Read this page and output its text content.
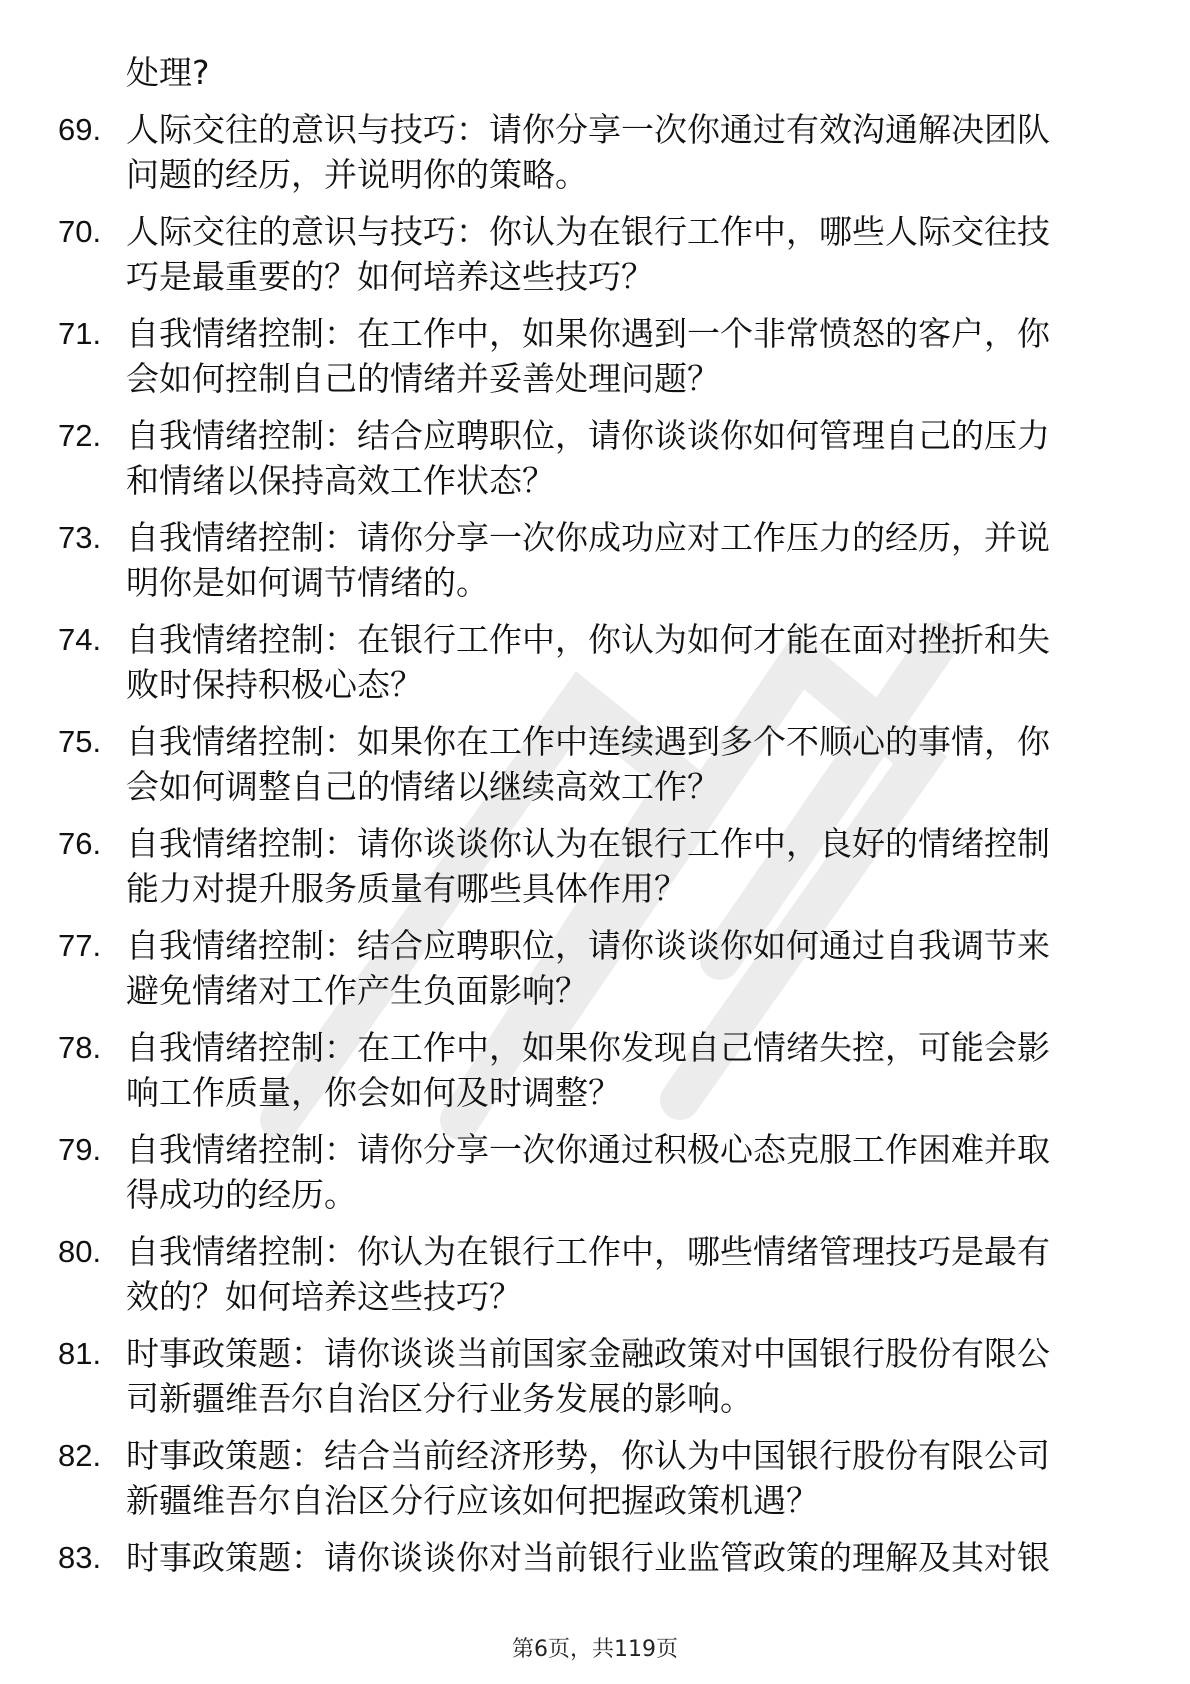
处理?
69. 人际交往的意识与技巧：请你分享一次你通过有效沟通解决团队
问题的经历，并说明你的策略。
70. 人际交往的意识与技巧：你认为在银行工作中，哪些人际交往技
巧是最重要的？如何培养这些技巧？
71. 自我情绪控制：在工作中，如果你遇到一个非常愤怒的客户，你
会如何控制自己的情绪并妥善处理问题？
72. 自我情绪控制：结合应聘职位，请你谈谈你如何管理自己的压力
和情绪以保持高效工作状态？
73. 自我情绪控制：请你分享一次你成功应对工作压力的经历，并说
明你是如何调节情绪的。
74. 自我情绪控制：在银行工作中，你认为如何才能在面对挫折和失
败时保持积极心态？
75. 自我情绪控制：如果你在工作中连续遇到多个不顺心的事情，你
会如何调整自己的情绪以继续高效工作？
76. 自我情绪控制：请你谈谈你认为在银行工作中，良好的情绪控制
能力对提升服务质量有哪些具体作用？
77. 自我情绪控制：结合应聘职位，请你谈谈你如何通过自我调节来
避免情绪对工作产生负面影响？
78. 自我情绪控制：在工作中，如果你发现自己情绪失控，可能会影
响工作质量，你会如何及时调整？
79. 自我情绪控制：请你分享一次你通过积极心态克服工作困难并取
得成功的经历。
80. 自我情绪控制：你认为在银行工作中，哪些情绪管理技巧是最有
效的？如何培养这些技巧？
81. 时事政策题：请你谈谈当前国家金融政策对中国银行股份有限公
司新疆维吾尔自治区分行业务发展的影响。
82. 时事政策题：结合当前经济形势，你认为中国银行股份有限公司
新疆维吾尔自治区分行应该如何把握政策机遇？
83. 时事政策题：请你谈谈你对当前银行业监管政策的理解及其对银
第6页，共119页
